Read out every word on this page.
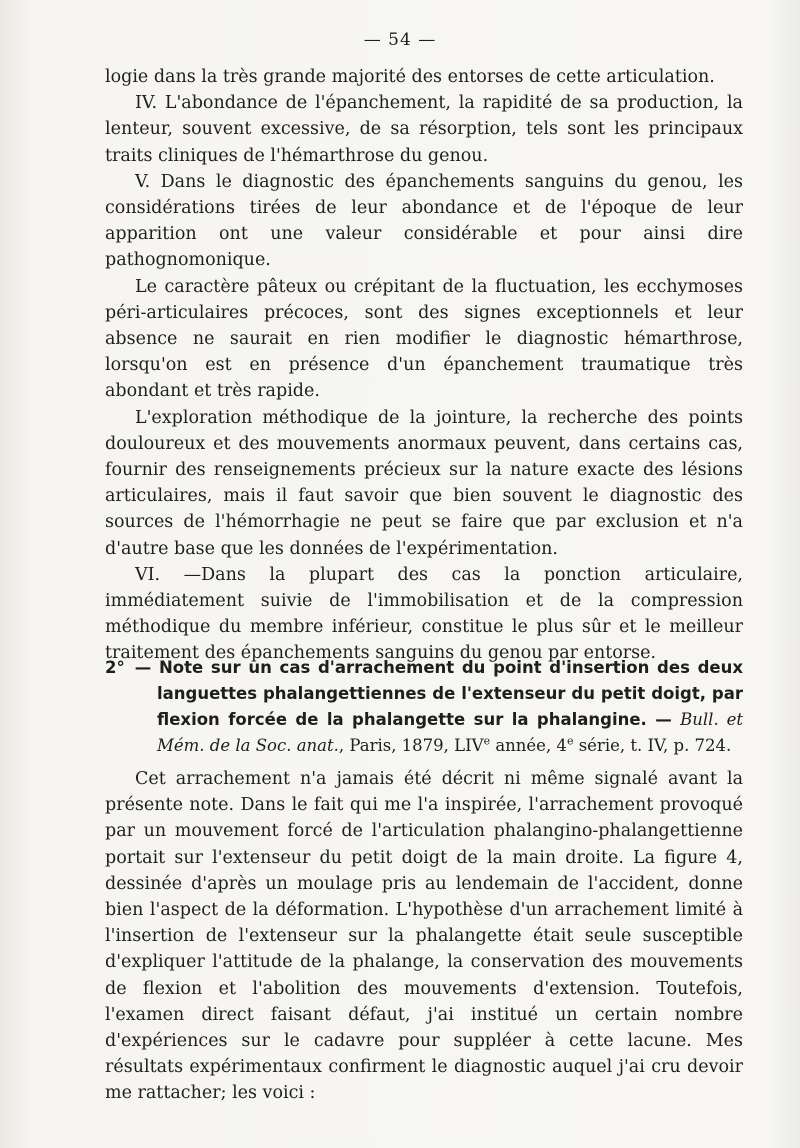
— 54 —

logie dans la très grande majorité des entorses de cette articulation.

IV. L'abondance de l'épanchement, la rapidité de sa production, la lenteur, souvent excessive, de sa résorption, tels sont les principaux traits cliniques de l'hémarthrose du genou.

V. Dans le diagnostic des épanchements sanguins du genou, les considérations tirées de leur abondance et de l'époque de leur apparition ont une valeur considérable et pour ainsi dire pathognomonique.

Le caractère pâteux ou crépitant de la fluctuation, les ecchymoses péri-articulaires précoces, sont des signes exceptionnels et leur absence ne saurait en rien modifier le diagnostic hémarthrose, lorsqu'on est en présence d'un épanchement traumatique très abondant et très rapide.

L'exploration méthodique de la jointure, la recherche des points douloureux et des mouvements anormaux peuvent, dans certains cas, fournir des renseignements précieux sur la nature exacte des lésions articulaires, mais il faut savoir que bien souvent le diagnostic des sources de l'hémorrhagie ne peut se faire que par exclusion et n'a d'autre base que les données de l'expérimentation.

VI. —Dans la plupart des cas la ponction articulaire, immédiatement suivie de l'immobilisation et de la compression méthodique du membre inférieur, constitue le plus sûr et le meilleur traitement des épanchements sanguins du genou par entorse.

2° — Note sur un cas d'arrachement du point d'insertion des deux languettes phalangettiennes de l'extenseur du petit doigt, par flexion forcée de la phalangette sur la phalangine. — Bull. et Mém. de la Soc. anat., Paris, 1879, LIVe année, 4e série, t. IV, p. 724.

Cet arrachement n'a jamais été décrit ni même signalé avant la présente note. Dans le fait qui me l'a inspirée, l'arrachement provoqué par un mouvement forcé de l'articulation phalangino-phalangettienne portait sur l'extenseur du petit doigt de la main droite. La figure 4, dessinée d'après un moulage pris au lendemain de l'accident, donne bien l'aspect de la déformation. L'hypothèse d'un arrachement limité à l'insertion de l'extenseur sur la phalangette était seule susceptible d'expliquer l'attitude de la phalange, la conservation des mouvements de flexion et l'abolition des mouvements d'extension. Toutefois, l'examen direct faisant défaut, j'ai institué un certain nombre d'expériences sur le cadavre pour suppléer à cette lacune. Mes résultats expérimentaux confirment le diagnostic auquel j'ai cru devoir me rattacher; les voici :
